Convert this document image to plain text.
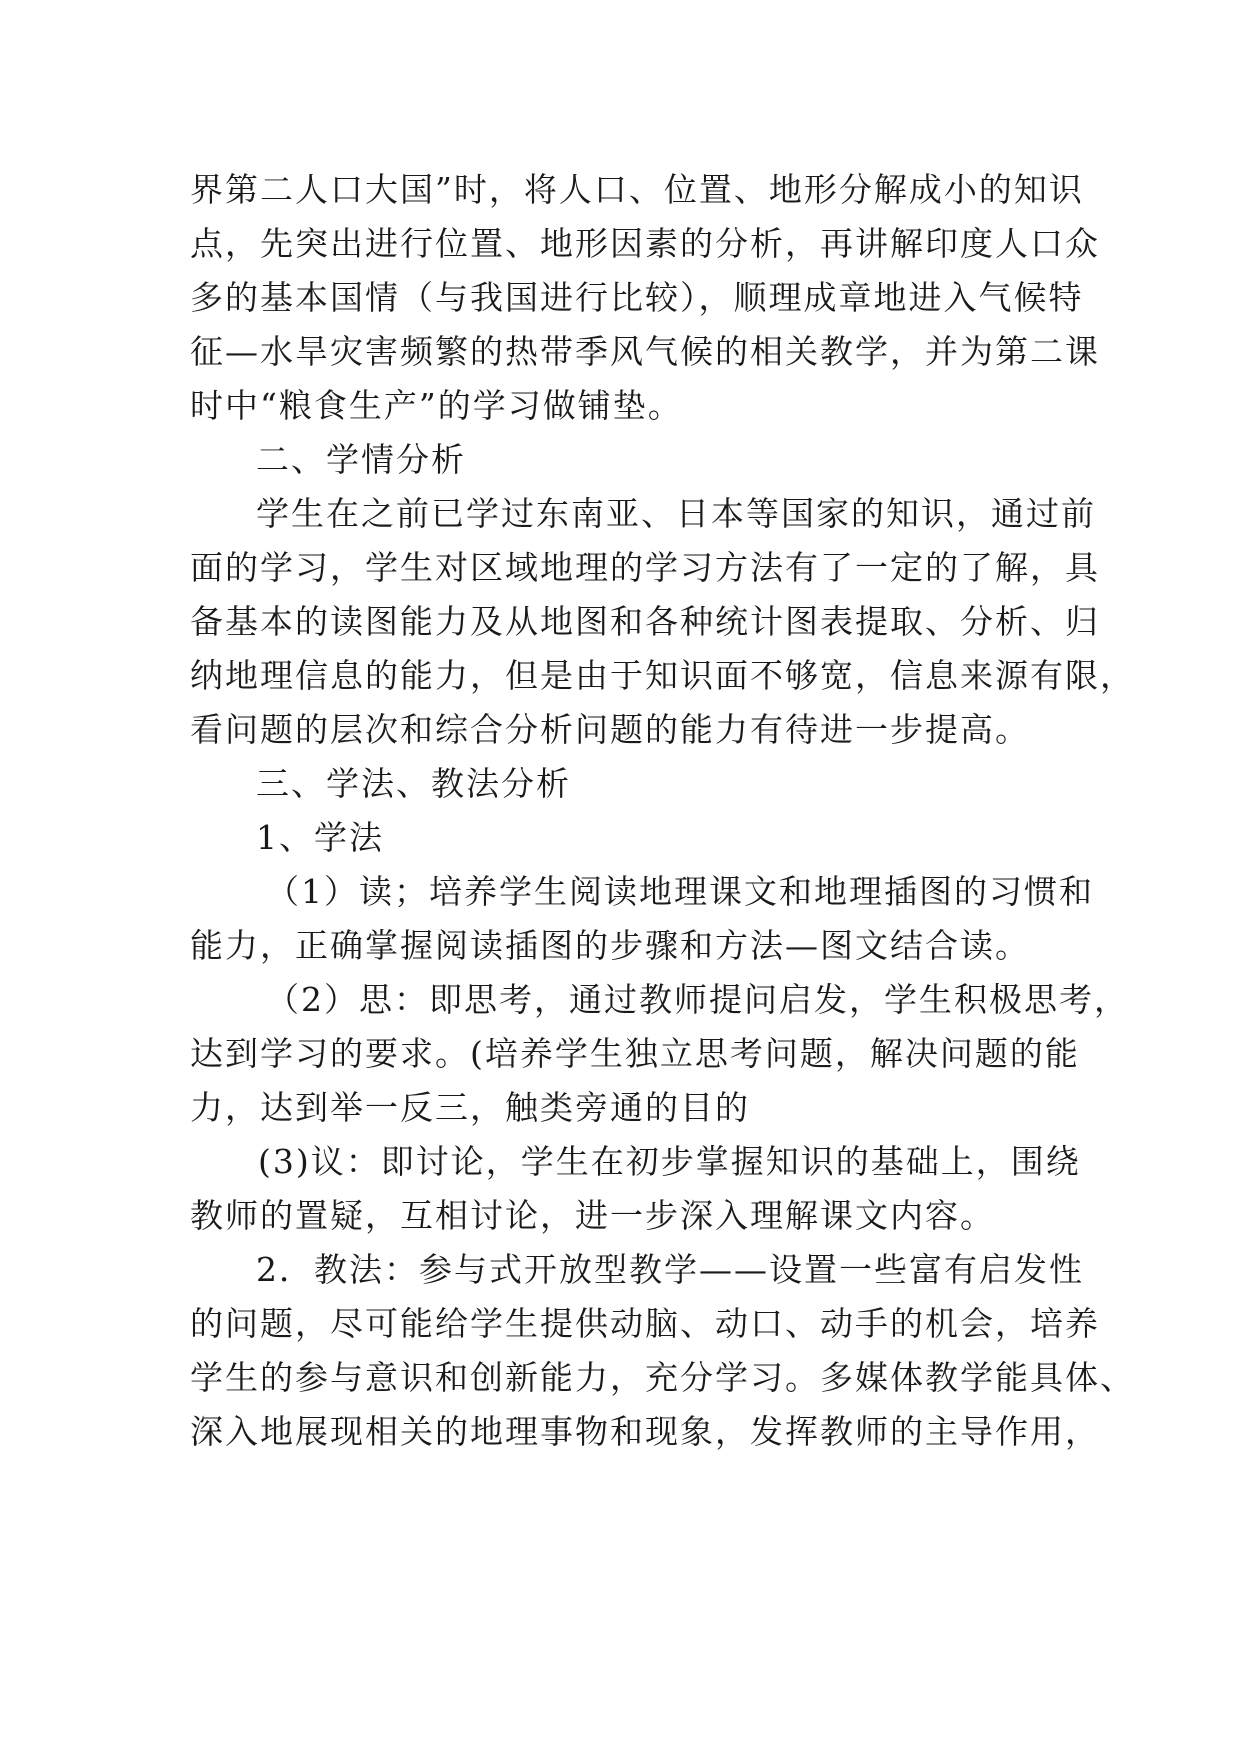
界第二人口大国”时，将人口、位置、地形分解成小的知识
点，先突出进行位置、地形因素的分析，再讲解印度人口众
多的基本国情（与我国进行比较），顺理成章地进入气候特
征—水旱灾害频繁的热带季风气候的相关教学，并为第二课
时中“粮食生产”的学习做铺垫。
二、学情分析
学生在之前已学过东南亚、日本等国家的知识，通过前
面的学习，学生对区域地理的学习方法有了一定的了解，具
备基本的读图能力及从地图和各种统计图表提取、分析、归
纳地理信息的能力，但是由于知识面不够宽，信息来源有限，
看问题的层次和综合分析问题的能力有待进一步提高。
三、学法、教法分析
1、学法
（1）读；培养学生阅读地理课文和地理插图的习惯和
能力，正确掌握阅读插图的步骤和方法—图文结合读。
（2）思：即思考，通过教师提问启发，学生积极思考，
达到学习的要求。(培养学生独立思考问题，解决问题的能
力，达到举一反三，触类旁通的目的
(3)议：即讨论，学生在初步掌握知识的基础上，围绕
教师的置疑，互相讨论，进一步深入理解课文内容。
2．教法：参与式开放型教学——设置一些富有启发性
的问题，尽可能给学生提供动脑、动口、动手的机会，培养
学生的参与意识和创新能力，充分学习。多媒体教学能具体、
深入地展现相关的地理事物和现象，发挥教师的主导作用，
